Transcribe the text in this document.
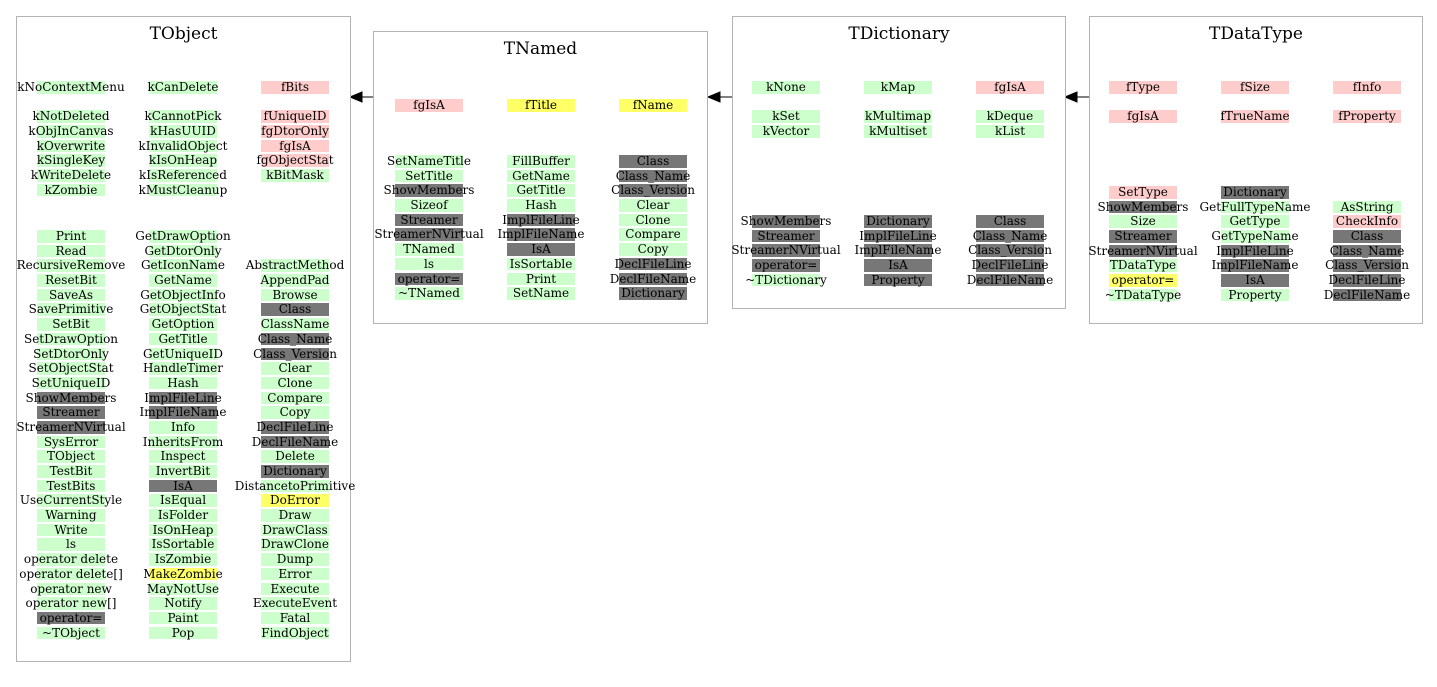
TObject
kNoContextMenu
kNotDeleted
kObjInCanvas
kOverwrite
kSingleKey
kWriteDelete
kZombie
kCanDelete
kCannotPick
kHasUUID
kInvalidObject
kIsOnHeap
kIsReferenced
kMustCleanup
fBits
fUniqueID
fgDtorOnly
fgIsA
fgObjectStat
kBitMask
Print
Read
RecursiveRemove
ResetBit
SaveAs
SavePrimitive
SetBit
SetDrawOption
SetDtorOnly
SetObjectStat
SetUniqueID
ShowMembers
Streamer
StreamerNVirtual
SysError
TObject
TestBit
TestBits
UseCurrentStyle
Warning
Write
ls
operator delete
operator delete[]
operator new
operator new[]
operator=
~TObject
GetDrawOption
GetDtorOnly
GetIconName
GetName
GetObjectInfo
GetObjectStat
GetOption
GetTitle
GetUniqueID
HandleTimer
Hash
ImplFileLine
ImplFileName
Info
InheritsFrom
Inspect
InvertBit
IsA
IsEqual
IsFolder
IsOnHeap
IsSortable
IsZombie
MakeZombie
MayNotUse
Notify
Paint
Pop
AbstractMethod
AppendPad
Browse
Class
ClassName
Class_Name
Class_Version
Clear
Clone
Compare
Copy
DeclFileLine
DeclFileName
Delete
Dictionary
DistancetoPrimitive
DoError
Draw
DrawClass
DrawClone
Dump
Error
Execute
ExecuteEvent
Fatal
FindObject
TNamed
fgIsA	fTitle	fName
SetNameTitle
SetTitle
ShowMembers
Sizeof
Streamer
StreamerNVirtual
TNamed
ls
operator=
~TNamed
FillBuffer
GetName
GetTitle
Hash
ImplFileLine
ImplFileName
IsA
IsSortable
Print
SetName
Class
Class_Name
Class_Version
Clear
Clone
Compare
Copy
DeclFileLine
DeclFileName
Dictionary
TDictionary
kNone
kSet
kVector
kMap
kMultimap
kMultiset
fgIsA
kDeque
kList
ShowMembers
Streamer
StreamerNVirtual
operator=
~TDictionary
Dictionary
ImplFileLine
ImplFileName
IsA
Property
Class
Class_Name
Class_Version
DeclFileLine
DeclFileName
TDataType
fType
fgIsA
fSize
fTrueName
fInfo
fProperty
SetType
ShowMembers
Size
Streamer
StreamerNVirtual
TDataType
operator=
~TDataType
Dictionary
GetFullTypeName
GetType
GetTypeName
ImplFileLine
ImplFileName
IsA
Property
AsString
CheckInfo
Class
Class_Name
Class_Version
DeclFileLine
DeclFileName
